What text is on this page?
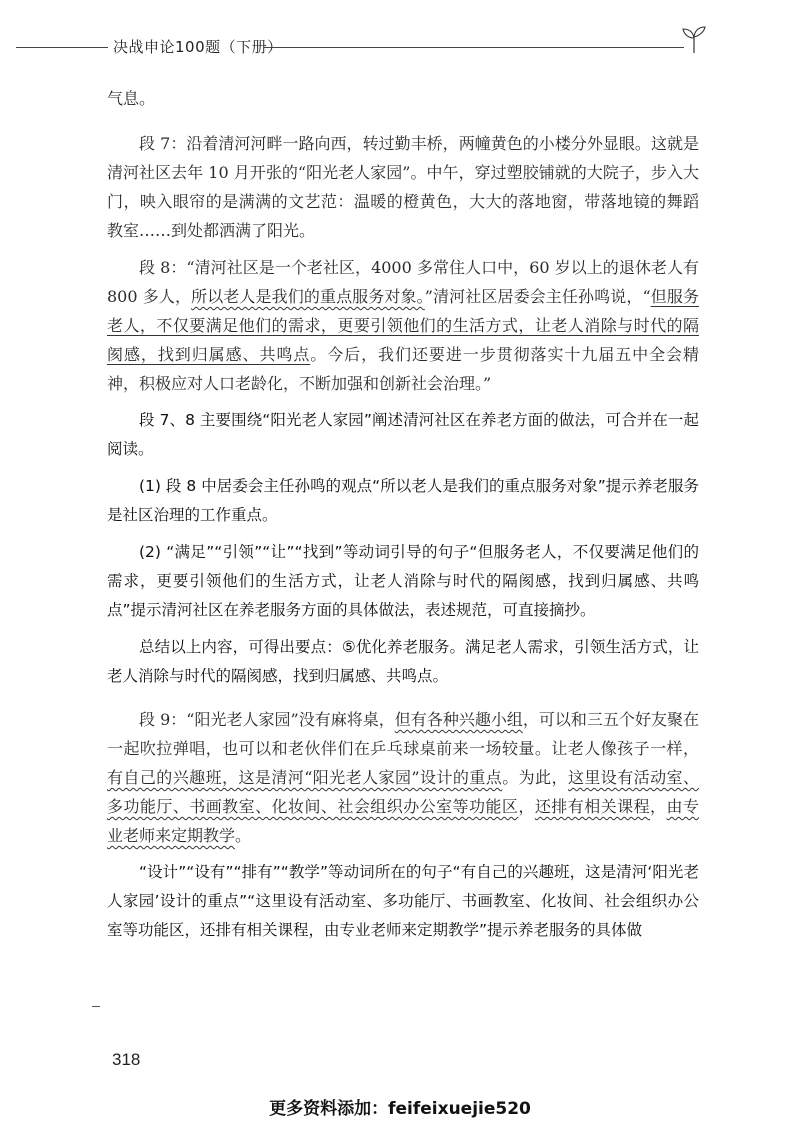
决战申论100题（下册）

气息。

段 7：沿着清河河畔一路向西，转过勤丰桥，两幢黄色的小楼分外显眼。这就是清河社区去年 10 月开张的“阳光老人家园”。中午，穿过塑胶铺就的大院子，步入大门，映入眼帘的是满满的文艺范：温暖的橙黄色，大大的落地窗，带落地镜的舞蹈教室……到处都洒满了阳光。

段 8：“清河社区是一个老社区，4000 多常住人口中，60 岁以上的退休老人有 800 多人，所以老人是我们的重点服务对象。”清河社区居委会主任孙鸣说，“但服务老人，不仅要满足他们的需求，更要引领他们的生活方式，让老人消除与时代的隔阂感，找到归属感、共鸣点。今后，我们还要进一步贯彻落实十九届五中全会精神，积极应对人口老龄化，不断加强和创新社会治理。”

段 7、8 主要围绕“阳光老人家园”阐述清河社区在养老方面的做法，可合并在一起阅读。

(1) 段 8 中居委会主任孙鸣的观点“所以老人是我们的重点服务对象”提示养老服务是社区治理的工作重点。

(2) “满足”“引领”“让”“找到”等动词引导的句子“但服务老人，不仅要满足他们的需求，更要引领他们的生活方式，让老人消除与时代的隔阂感，找到归属感、共鸣点”提示清河社区在养老服务方面的具体做法，表述规范，可直接摘抄。

总结以上内容，可得出要点：⑤优化养老服务。满足老人需求，引领生活方式，让老人消除与时代的隔阂感，找到归属感、共鸣点。

段 9：“阳光老人家园”没有麻将桌，但有各种兴趣小组，可以和三五个好友聚在一起吹拉弹唱，也可以和老伙伴们在乒乓球桌前来一场较量。让老人像孩子一样，有自己的兴趣班，这是清河“阳光老人家园”设计的重点。为此，这里设有活动室、多功能厅、书画教室、化妆间、社会组织办公室等功能区，还排有相关课程，由专业老师来定期教学。

“设计”“设有”“排有”“教学”等动词所在的句子“有自己的兴趣班，这是清河‘阳光老人家园’设计的重点”“这里设有活动室、多功能厅、书画教室、化妆间、社会组织办公室等功能区，还排有相关课程，由专业老师来定期教学”提示养老服务的具体做

318
更多资料添加：feifeixuejie520
